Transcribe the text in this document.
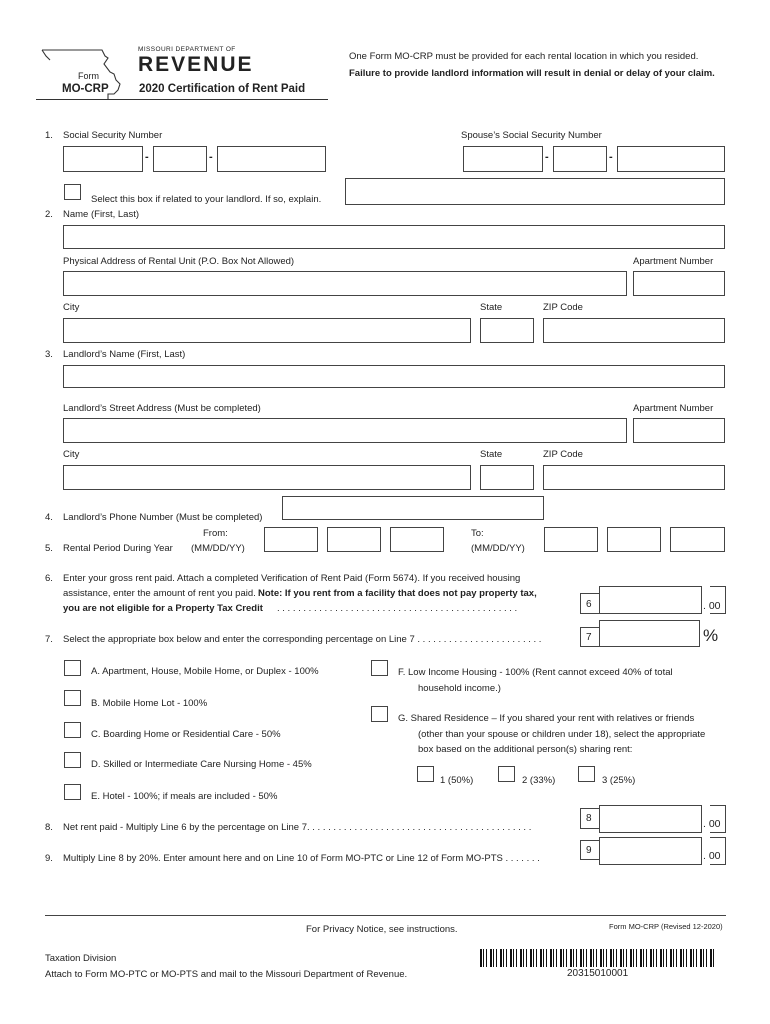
MISSOURI DEPARTMENT OF
REVENUE
Form
MO-CRP	2020 Certification of Rent Paid
One Form MO-CRP must be provided for each rental location in which you resided.
Failure to provide landlord information will result in denial or delay of your claim.
1. Social Security Number
-	-
Spouse’s Social Security Number
-	-
Select this box if related to your landlord. If so, explain.
2. Name (First, Last)
Physical Address of Rental Unit (P.O. Box Not Allowed)	Apartment Number
City	State	ZIP Code
3. Landlord’s Name (First, Last)
Landlord’s Street Address (Must be completed)	Apartment Number
City	State	ZIP Code
4. Landlord’s Phone Number (Must be completed)
5. Rental Period During Year
From:
(MM/DD/YY)
To:
(MM/DD/YY)
6. Enter your gross rent paid. Attach a completed Verification of Rent Paid (Form 5674). If you received housing
assistance, enter the amount of rent you paid. Note: If you rent from a facility that does not pay property tax,
you are not eligible for a Property Tax Credit . . . . . . . . . . . . . . . . . . . . . . . . . . . . . . . . . . . . . . . . . . . . . .	6	. 00
7. Select the appropriate box below and enter the corresponding percentage on Line 7 . . . . . . . . . . . . . . . . . . . . . . . .	7	%
A. Apartment, House, Mobile Home, or Duplex - 100%
B. Mobile Home Lot - 100%
C. Boarding Home or Residential Care - 50%
D. Skilled or Intermediate Care Nursing Home - 45%
E. Hotel - 100%; if meals are included - 50%
F. Low Income Housing - 100% (Rent cannot exceed 40% of total
household income.)
G. Shared Residence – If you shared your rent with relatives or friends
(other than your spouse or children under 18), select the appropriate
box based on the additional person(s) sharing rent:
1 (50%)	2 (33%)	3 (25%)
8. Net rent paid - Multiply Line 6 by the percentage on Line 7. . . . . . . . . . . . . . . . . . . . . . . . . . . . . . . . . . . . . . . . . . .
8	. 00
9. Multiply Line 8 by 20%. Enter amount here and on Line 10 of Form MO-PTC or Line 12 of Form MO-PTS . . . . . . .
9	. 00
For Privacy Notice, see instructions.	Form MO-CRP (Revised 12-2020)
Taxation Division
Attach to Form MO-PTC or MO-PTS and mail to the Missouri Department of Revenue.	20315010001
